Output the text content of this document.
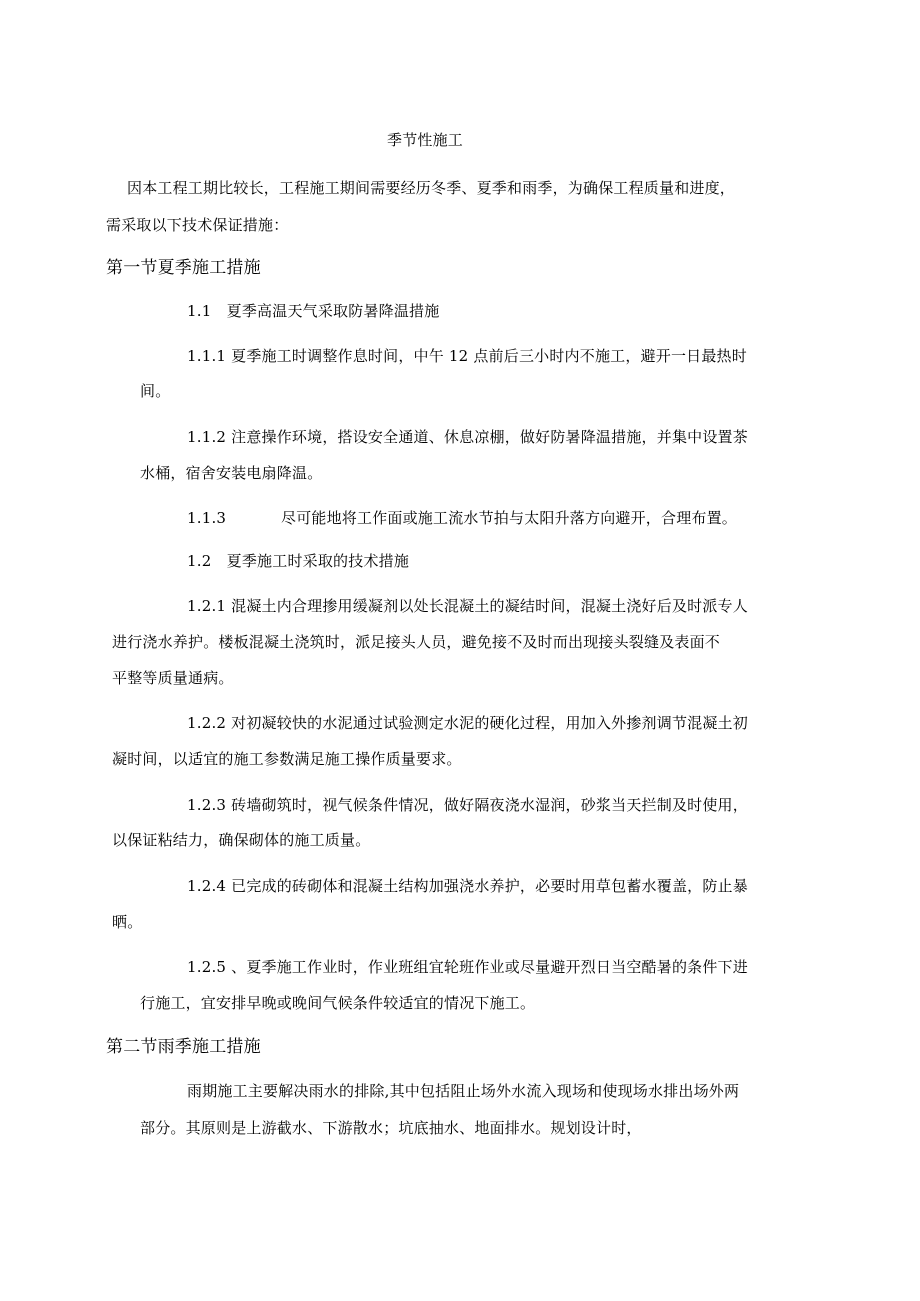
季节性施工
因本工程工期比较长，工程施工期间需要经历冬季、夏季和雨季，为确保工程质量和进度，
需采取以下技术保证措施：
第一节夏季施工措施
1.1　夏季高温天气采取防暑降温措施
1.1.1 夏季施工时调整作息时间，中午 12 点前后三小时内不施工，避开一日最热时
间。
1.1.2 注意操作环境，搭设安全通道、休息凉棚，做好防暑降温措施，并集中设置茶
水桶，宿舍安装电扇降温。
1.1.3	尽可能地将工作面或施工流水节拍与太阳升落方向避开，合理布置。
1.2　夏季施工时采取的技术措施
1.2.1 混凝土内合理掺用缓凝剂以处长混凝土的凝结时间，混凝土浇好后及时派专人
进行浇水养护。楼板混凝土浇筑时，派足接头人员，避免接不及时而出现接头裂缝及表面不
平整等质量通病。
1.2.2 对初凝较快的水泥通过试验测定水泥的硬化过程，用加入外掺剂调节混凝土初
凝时间，以适宜的施工参数满足施工操作质量要求。
1.2.3 砖墙砌筑时，视气候条件情况，做好隔夜浇水湿润，砂浆当天拦制及时使用，
以保证粘结力，确保砌体的施工质量。
1.2.4 已完成的砖砌体和混凝土结构加强浇水养护，必要时用草包蓄水覆盖，防止暴
晒。
1.2.5 、夏季施工作业时，作业班组宜轮班作业或尽量避开烈日当空酷暑的条件下进
行施工，宜安排早晚或晚间气候条件较适宜的情况下施工。
第二节雨季施工措施
雨期施工主要解决雨水的排除,其中包括阻止场外水流入现场和使现场水排出场外两
部分。其原则是上游截水、下游散水；坑底抽水、地面排水。规划设计时，
